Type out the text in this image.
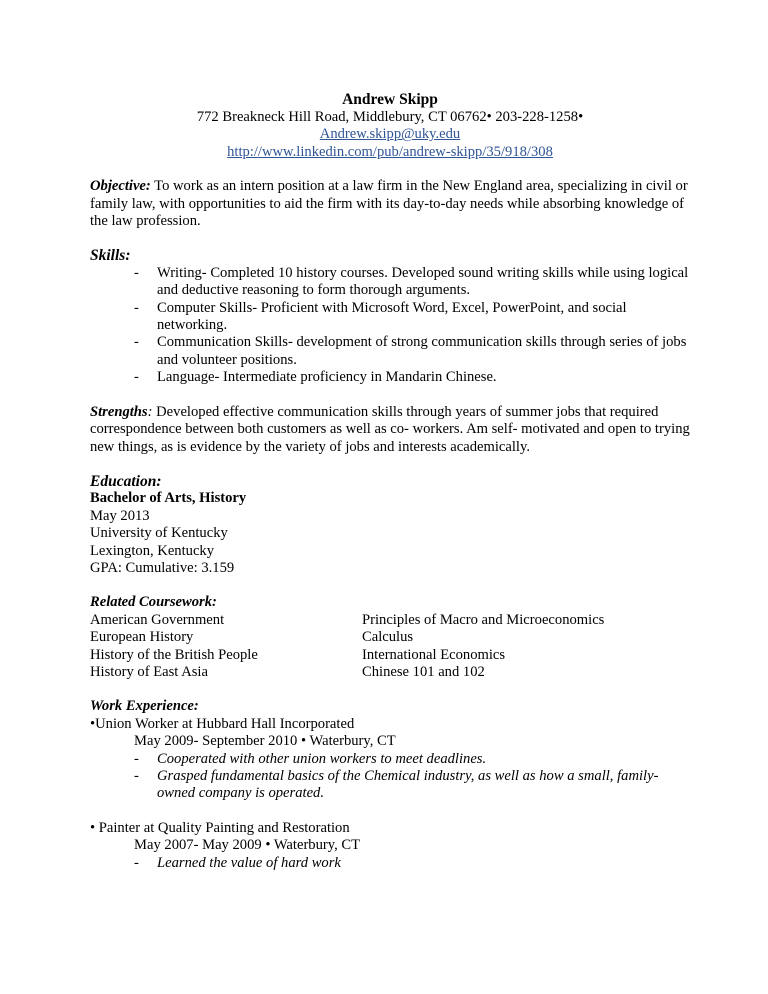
Andrew Skipp
772 Breakneck Hill Road, Middlebury, CT 06762• 203-228-1258•
Andrew.skipp@uky.edu
http://www.linkedin.com/pub/andrew-skipp/35/918/308
Objective: To work as an intern position at a law firm in the New England area, specializing in civil or family law, with opportunities to aid the firm with its day-to-day needs while absorbing knowledge of the law profession.
Skills:
- Writing- Completed 10 history courses. Developed sound writing skills while using logical and deductive reasoning to form thorough arguments.
- Computer Skills- Proficient with Microsoft Word, Excel, PowerPoint, and social networking.
- Communication Skills- development of strong communication skills through series of jobs and volunteer positions.
- Language- Intermediate proficiency in Mandarin Chinese.
Strengths: Developed effective communication skills through years of summer jobs that required correspondence between both customers as well as co- workers. Am self- motivated and open to trying new things, as is evidence by the variety of jobs and interests academically.
Education:
Bachelor of Arts, History
May 2013
University of Kentucky
Lexington, Kentucky
GPA: Cumulative: 3.159
Related Coursework:
American Government
European History
History of the British People
History of East Asia
Principles of Macro and Microeconomics
Calculus
International Economics
Chinese 101 and 102
Work Experience:
•Union Worker at Hubbard Hall Incorporated
May 2009- September 2010 • Waterbury, CT
- Cooperated with other union workers to meet deadlines.
- Grasped fundamental basics of the Chemical industry, as well as how a small, family- owned company is operated.
• Painter at Quality Painting and Restoration
May 2007- May 2009 • Waterbury, CT
- Learned the value of hard work
